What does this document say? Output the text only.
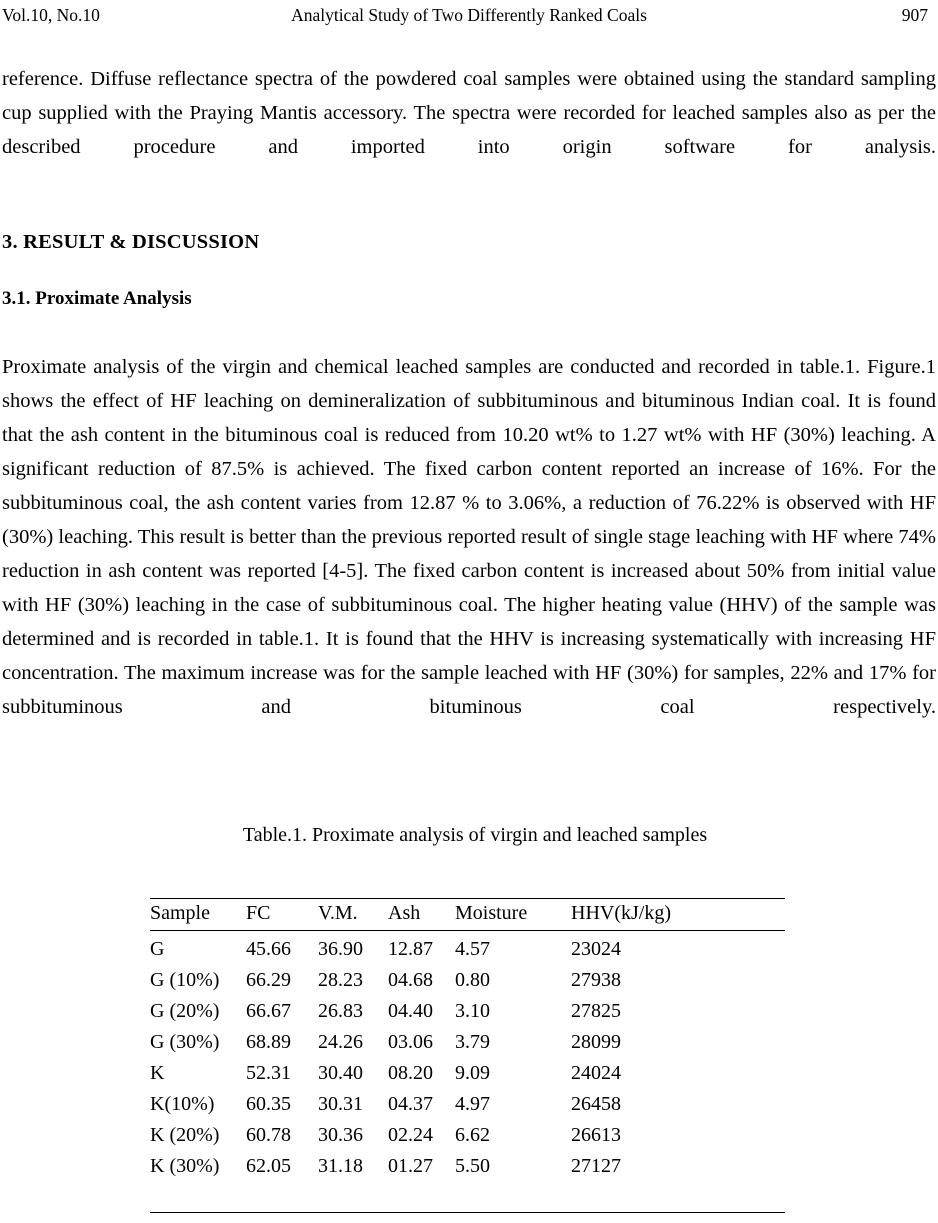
Vol.10, No.10	Analytical Study of Two Differently Ranked Coals	907

reference. Diffuse reflectance spectra of the powdered coal samples were obtained using the standard sampling cup supplied with the Praying Mantis accessory. The spectra were recorded for leached samples also as per the described procedure and imported into origin software for analysis.

3. RESULT & DISCUSSION
3.1. Proximate Analysis

Proximate analysis of the virgin and chemical leached samples are conducted and recorded in table.1. Figure.1 shows the effect of HF leaching on demineralization of subbituminous and bituminous Indian coal. It is found that the ash content in the bituminous coal is reduced from 10.20 wt% to 1.27 wt% with HF (30%) leaching. A significant reduction of 87.5% is achieved. The fixed carbon content reported an increase of 16%. For the subbituminous coal, the ash content varies from 12.87 % to 3.06%, a reduction of 76.22% is observed with HF (30%) leaching. This result is better than the previous reported result of single stage leaching with HF where 74% reduction in ash content was reported [4-5]. The fixed carbon content is increased about 50% from initial value with HF (30%) leaching in the case of subbituminous coal. The higher heating value (HHV) of the sample was determined and is recorded in table.1. It is found that the HHV is increasing systematically with increasing HF concentration. The maximum increase was for the sample leached with HF (30%) for samples, 22% and 17% for subbituminous and bituminous coal respectively.

Table.1. Proximate analysis of virgin and leached samples
Sample	FC	V.M.	Ash	Moisture	HHV(kJ/kg)
G	45.66	36.90	12.87	4.57	23024
G (10%)	66.29	28.23	04.68	0.80	27938
G (20%)	66.67	26.83	04.40	3.10	27825
G (30%)	68.89	24.26	03.06	3.79	28099
K	52.31	30.40	08.20	9.09	24024
K(10%)	60.35	30.31	04.37	4.97	26458
K (20%)	60.78	30.36	02.24	6.62	26613
K (30%)	62.05	31.18	01.27	5.50	27127
